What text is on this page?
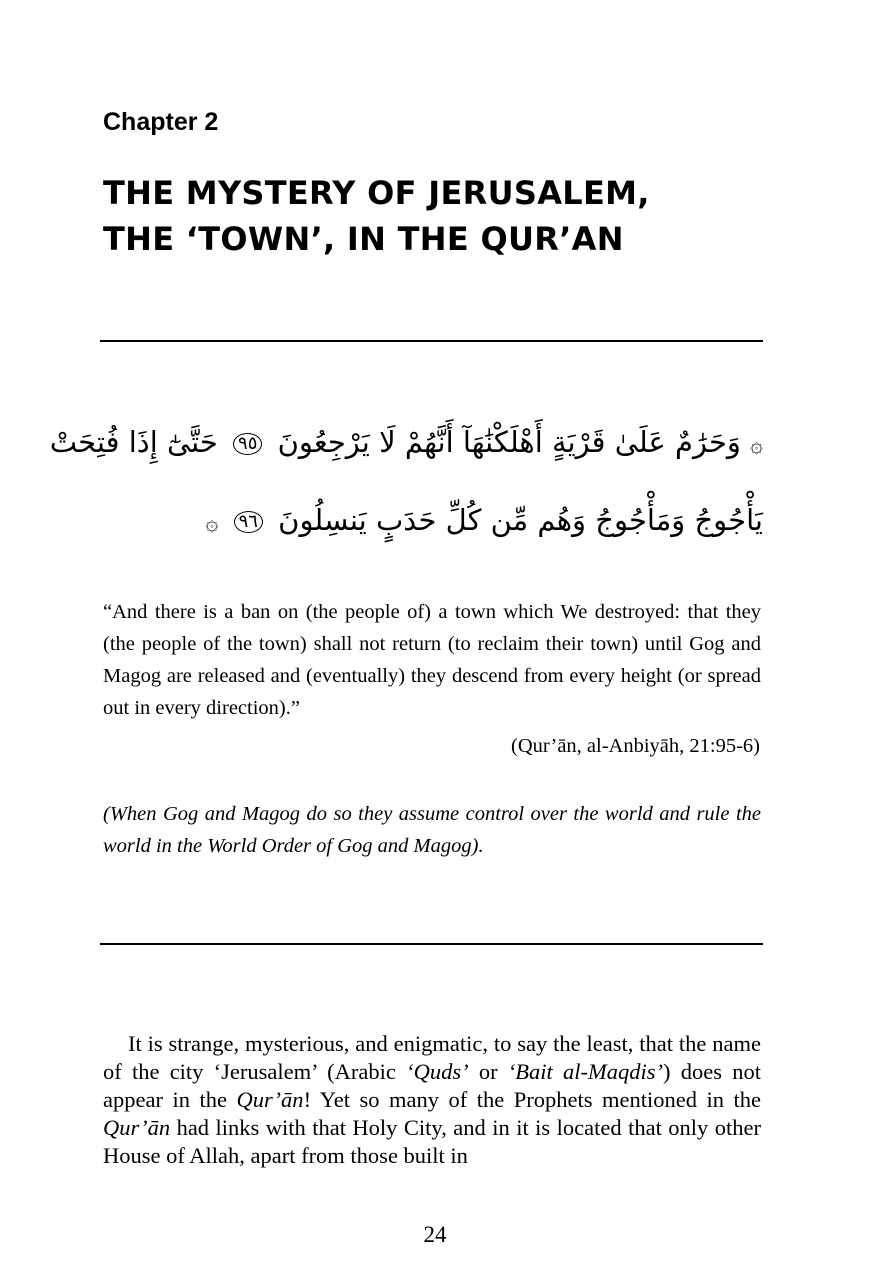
Chapter 2

THE MYSTERY OF JERUSALEM,
THE ‘TOWN’, IN THE QUR’AN
۞ وَحَرَٰمٌ عَلَىٰ قَرْيَةٍ أَهْلَكْنَٰهَآ أَنَّهُمْ لَا يَرْجِعُونَ ٩٥ حَتَّىٰٓ إِذَا فُتِحَتْ
يَأْجُوجُ وَمَأْجُوجُ وَهُم مِّن كُلِّ حَدَبٍ يَنسِلُونَ ٩٦ ۞

“And there is a ban on (the people of) a town which We destroyed: that they (the people of the town) shall not return (to reclaim their town) until Gog and Magog are released and (eventually) they descend from every height (or spread out in every direction).”

(Qur’ān, al-Anbiyāh, 21:95-6)

(When Gog and Magog do so they assume control over the world and rule the world in the World Order of Gog and Magog).

It is strange, mysterious, and enigmatic, to say the least, that the name of the city ‘Jerusalem’ (Arabic ‘Quds’ or ‘Bait al-Maqdis’) does not appear in the Qur’ān! Yet so many of the Prophets mentioned in the Qur’ān had links with that Holy City, and in it is located that only other House of Allah, apart from those built in

24
